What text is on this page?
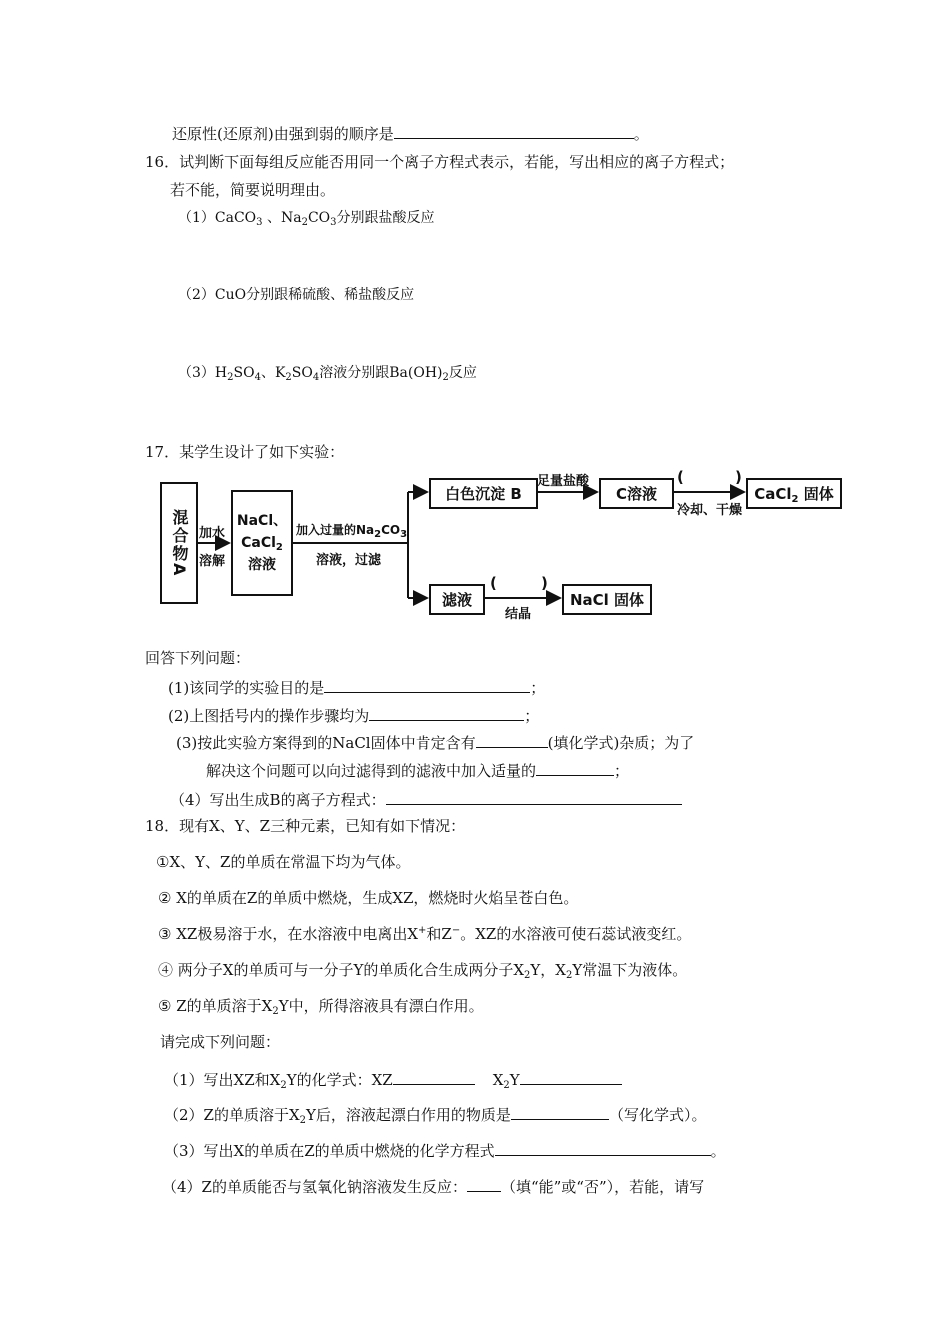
还原性(还原剂)由强到弱的顺序是	。
16．试判断下面每组反应能否用同一个离子方程式表示，若能，写出相应的离子方程式；
若不能，简要说明理由。
（1）CaCO$_3$ 、$Na_2CO_3$分别跟盐酸反应
（2）CuO分别跟稀硫酸、稀盐酸反应
$(3)H_2SO_4$、$K_2SO_4$溶液分别跟$Ba(OH)_2$反应
17．某学生设计了如下实验：
混合物A 加水
溶解
NaCl、
CaCl$_2$
溶液
加入过量的$Na_2CO_3$
溶液，过滤
白色沉淀 B
足量盐酸
C溶液
(	)
冷却、干燥
CaCl$_2$ 固体
滤液
(	)
结晶
NaCl 固体
回答下列问题：
(1)该同学的实验目的是	；
(2)上图括号内的操作步骤均为	；
(3)按此实验方案得到的NaCl固体中肯定含有	(填化学式)杂质；为了
解决这个问题可以向过滤得到的滤液中加入适量的	；
（4）写出生成B的离子方程式：
18．现有X、Y、Z三种元素，已知有如下情况：
①X、Y、Z的单质在常温下均为气体。
② X的单质在Z的单质中燃烧，生成XZ，燃烧时火焰呈苍白色。
③ XZ极易溶于水，在水溶液中电离出X+和Z−。XZ的水溶液可使石蕊试液变红。
④ 两分子X的单质可与一分子Y的单质化合生成两分子$X_2Y$，$X_2Y$常温下为液体。
⑤ Z的单质溶于$X_2Y$中，所得溶液具有漂白作用。
请完成下列问题：
（1）写出XZ和$X_2Y$的化学式：XZ	$X_2Y$
（2）Z的单质溶于$X_2Y$后，溶液起漂白作用的物质是	（写化学式）。
（3）写出X的单质在Z的单质中燃烧的化学方程式	。
（4）Z的单质能否与氢氧化钠溶液发生反应： （填“能”或“否”），若能，请写
